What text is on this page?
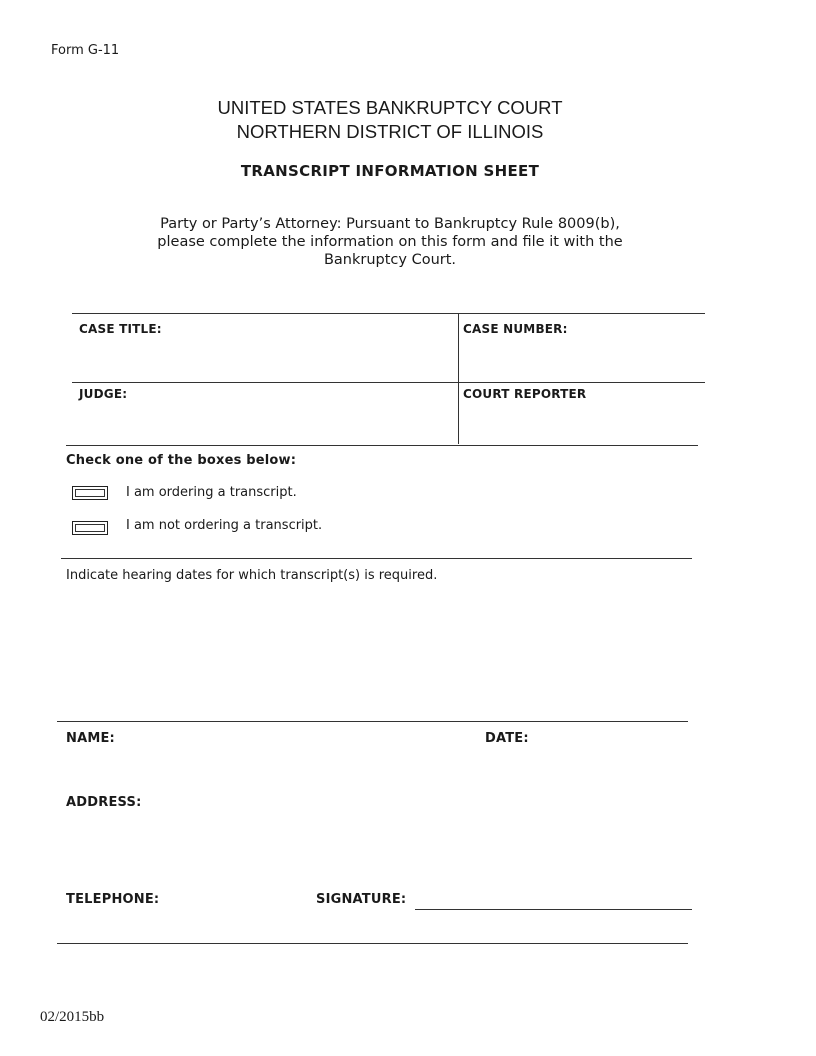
Form G-11
UNITED STATES BANKRUPTCY COURT
NORTHERN DISTRICT OF ILLINOIS
TRANSCRIPT INFORMATION SHEET
Party or Party’s Attorney: Pursuant to Bankruptcy Rule 8009(b),
please complete the information on this form and file it with the
Bankruptcy Court.
CASE TITLE:	CASE NUMBER:
JUDGE:	COURT REPORTER
Check one of the boxes below:
I am ordering a transcript.
I am not ordering a transcript.
Indicate hearing dates for which transcript(s) is required.
NAME:	DATE:
ADDRESS:
TELEPHONE:	SIGNATURE:
02/2015bb
